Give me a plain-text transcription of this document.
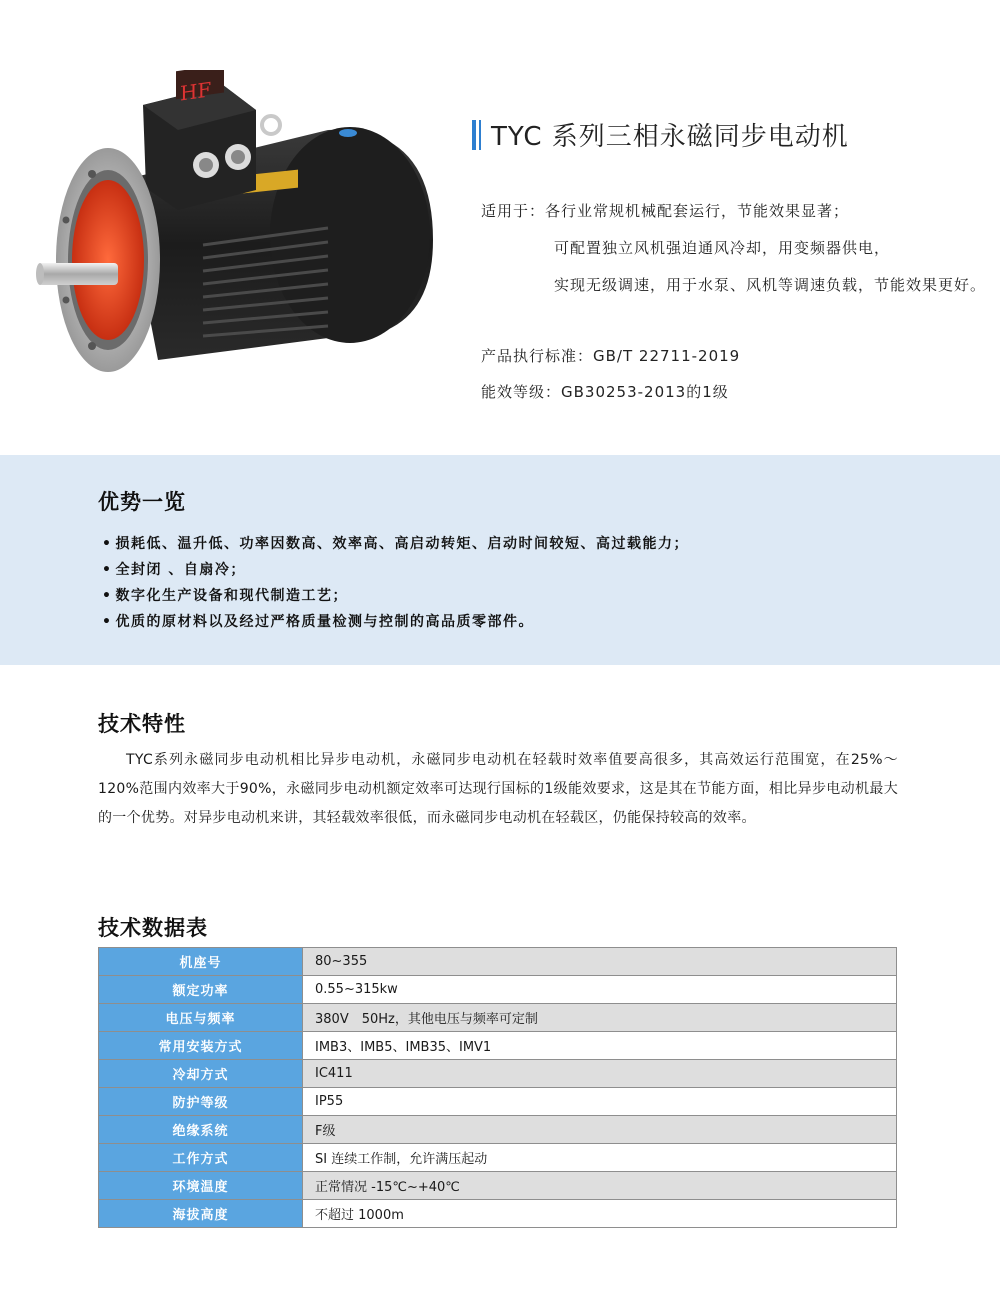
HF
TYC 系列三相永磁同步电动机
适用于：各行业常规机械配套运行，节能效果显著；
可配置独立风机强迫通风冷却，用变频器供电，
实现无级调速，用于水泵、风机等调速负载，节能效果更好。
产品执行标准：GB/T 22711-2019
能效等级：GB30253-2013的1级
优势一览
• 损耗低、温升低、功率因数高、效率高、高启动转矩、启动时间较短、高过载能力；
• 全封闭 、自扇冷；
• 数字化生产设备和现代制造工艺；
• 优质的原材料以及经过严格质量检测与控制的高品质零部件。
技术特性

TYC系列永磁同步电动机相比异步电动机，永磁同步电动机在轻载时效率值要高很多，其高效运行范围宽，在25%～120%范围内效率大于90%，永磁同步电动机额定效率可达现行国标的1级能效要求，这是其在节能方面，相比异步电动机最大的一个优势。对异步电动机来讲，其轻载效率很低，而永磁同步电动机在轻载区，仍能保持较高的效率。

技术数据表
机座号	80~355
额定功率	0.55~315kw
电压与频率	380V　50Hz，其他电压与频率可定制
常用安装方式	IMB3、IMB5、IMB35、IMV1
冷却方式	IC411
防护等级	IP55
绝缘系统	F级
工作方式	SⅠ 连续工作制，允许满压起动
环境温度	正常情况 -15℃~+40℃
海拔高度	不超过 1000m
